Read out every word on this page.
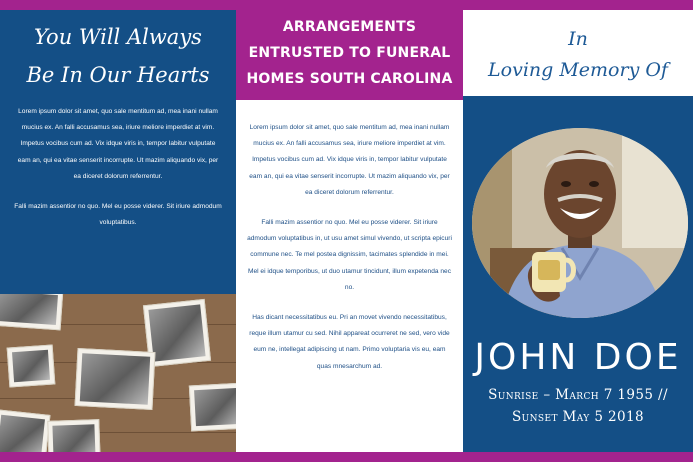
You Will Always
Be In Our Hearts

Lorem ipsum dolor sit amet, quo sale mentitum ad, mea inani nullam mucius ex. An falli accusamus sea, iriure meliore imperdiet at vim. Impetus vocibus cum ad. Vix idque viris in, tempor labitur vulputate eam an, qui ea vitae senserit incorrupte. Ut mazim aliquando vix, per ea diceret dolorum referrentur.

Falli mazim assentior no quo. Mel eu posse viderer. Sit iriure admodum voluptatibus.

ARRANGEMENTS ENTRUSTED TO FUNERAL HOMES SOUTH CAROLINA

Lorem ipsum dolor sit amet, quo sale mentitum ad, mea inani nullam mucius ex. An falli accusamus sea, iriure meliore imperdiet at vim. Impetus vocibus cum ad. Vix idque viris in, tempor labitur vulputate eam an, qui ea vitae senserit incorrupte. Ut mazim aliquando vix, per ea diceret dolorum referrentur.

Falli mazim assentior no quo. Mel eu posse viderer. Sit iriure admodum voluptatibus in, ut usu amet simul vivendo, ut scripta epicuri commune nec. Te mel postea dignissim, tacimates splendide in mei. Mel ei idque temporibus, ut duo utamur tincidunt, illum expetenda nec no.

Has dicant necessitatibus eu. Pri an movet vivendo necessitatibus, reque illum utamur cu sed. Nihil appareat ocurreret ne sed, vero vide eum ne, intellegat adipiscing ut nam. Primo voluptaria vis eu, eam quas mnesarchum ad.

In
Loving Memory Of
JOHN DOE
Sunrise – March 7 1955 //
Sunset May 5 2018
